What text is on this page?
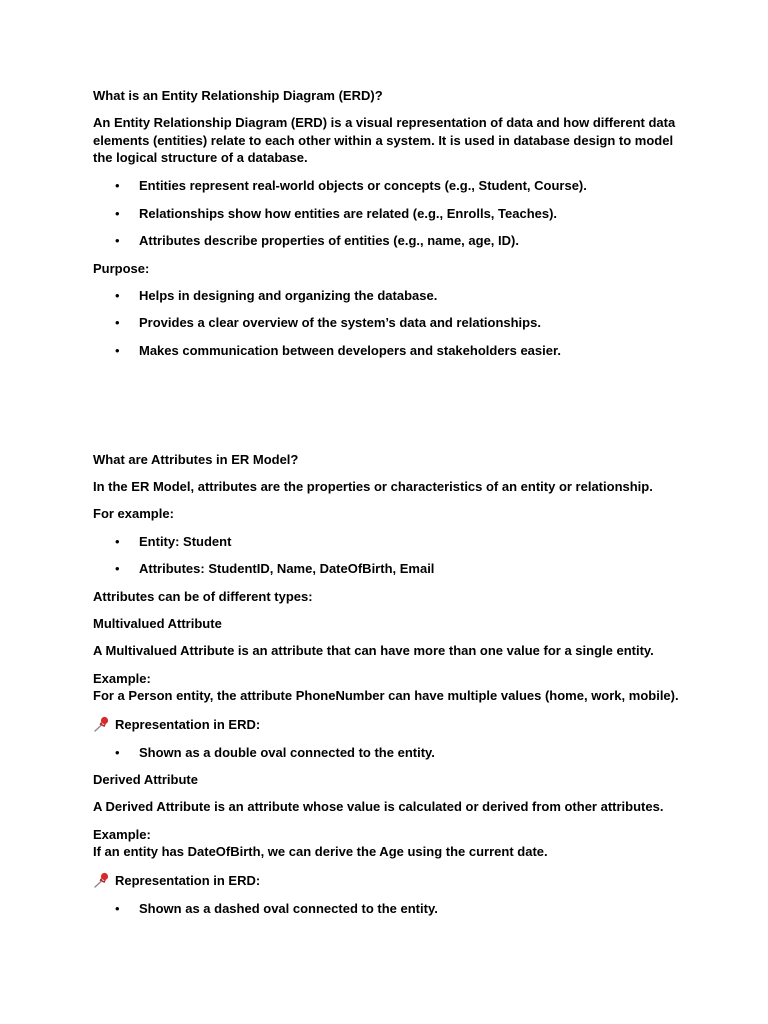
What is an Entity Relationship Diagram (ERD)?
An Entity Relationship Diagram (ERD) is a visual representation of data and how different data elements (entities) relate to each other within a system. It is used in database design to model the logical structure of a database.
• Entities represent real-world objects or concepts (e.g., Student, Course).
• Relationships show how entities are related (e.g., Enrolls, Teaches).
• Attributes describe properties of entities (e.g., name, age, ID).
Purpose:
• Helps in designing and organizing the database.
• Provides a clear overview of the system’s data and relationships.
• Makes communication between developers and stakeholders easier.
What are Attributes in ER Model?
In the ER Model, attributes are the properties or characteristics of an entity or relationship.
For example:
• Entity: Student
• Attributes: StudentID, Name, DateOfBirth, Email
Attributes can be of different types:
Multivalued Attribute
A Multivalued Attribute is an attribute that can have more than one value for a single entity.
Example:
For a Person entity, the attribute PhoneNumber can have multiple values (home, work, mobile).
Representation in ERD:
• Shown as a double oval connected to the entity.
Derived Attribute
A Derived Attribute is an attribute whose value is calculated or derived from other attributes.
Example:
If an entity has DateOfBirth, we can derive the Age using the current date.
Representation in ERD:
• Shown as a dashed oval connected to the entity.
